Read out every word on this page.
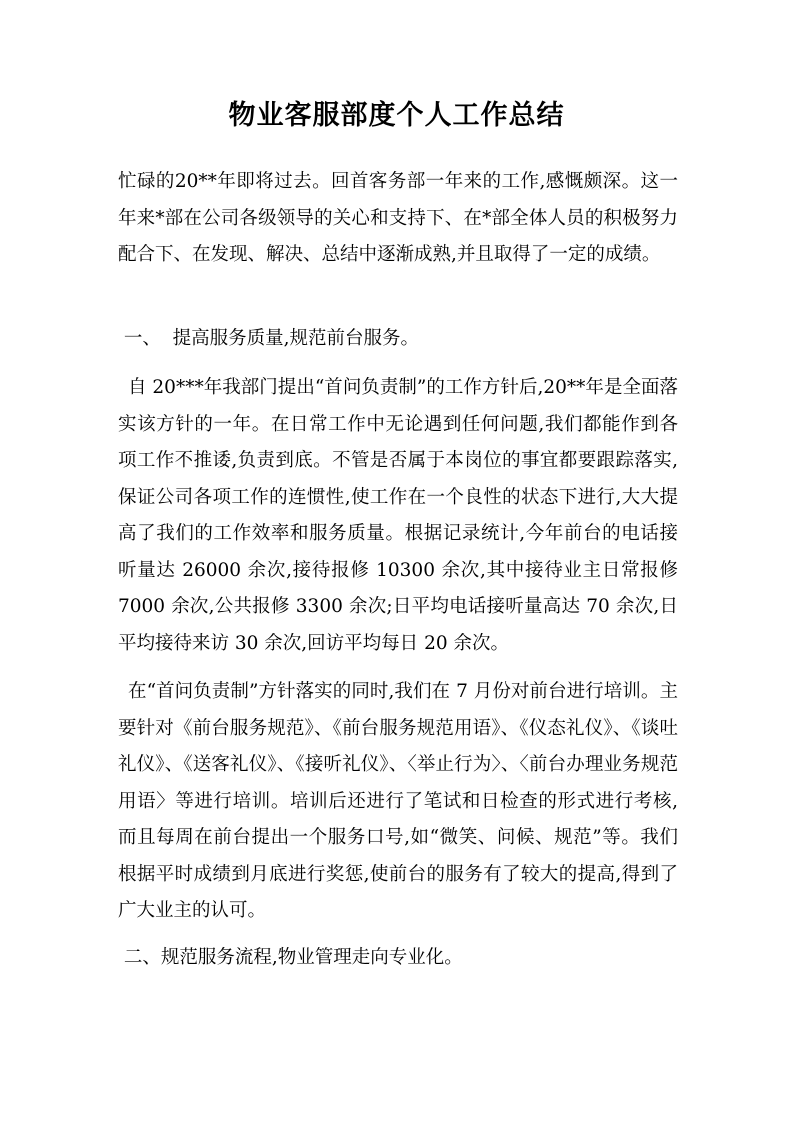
物业客服部度个人工作总结

忙碌的20**年即将过去。回首客务部一年来的工作,感慨颇深。这一年来*部在公司各级领导的关心和支持下、在*部全体人员的积极努力配合下、在发现、解决、总结中逐渐成熟,并且取得了一定的成绩。

一、  提高服务质量,规范前台服务。

自 20***年我部门提出“首问负责制”的工作方针后,20**年是全面落实该方针的一年。在日常工作中无论遇到任何问题,我们都能作到各项工作不推诿,负责到底。不管是否属于本岗位的事宜都要跟踪落实,保证公司各项工作的连惯性,使工作在一个良性的状态下进行,大大提高了我们的工作效率和服务质量。根据记录统计,今年前台的电话接听量达 26000 余次,接待报修 10300 余次,其中接待业主日常报修 7000 余次,公共报修 3300 余次;日平均电话接听量高达 70 余次,日平均接待来访 30 余次,回访平均每日 20 余次。

在“首问负责制”方针落实的同时,我们在 7 月份对前台进行培训。主要针对《前台服务规范》、《前台服务规范用语》、《仪态礼仪》、《谈吐礼仪》、《送客礼仪》、《接听礼仪》、〈举止行为〉、〈前台办理业务规范用语〉等进行培训。培训后还进行了笔试和日检查的形式进行考核,而且每周在前台提出一个服务口号,如“微笑、问候、规范”等。我们根据平时成绩到月底进行奖惩,使前台的服务有了较大的提高,得到了广大业主的认可。

二、规范服务流程,物业管理走向专业化。
